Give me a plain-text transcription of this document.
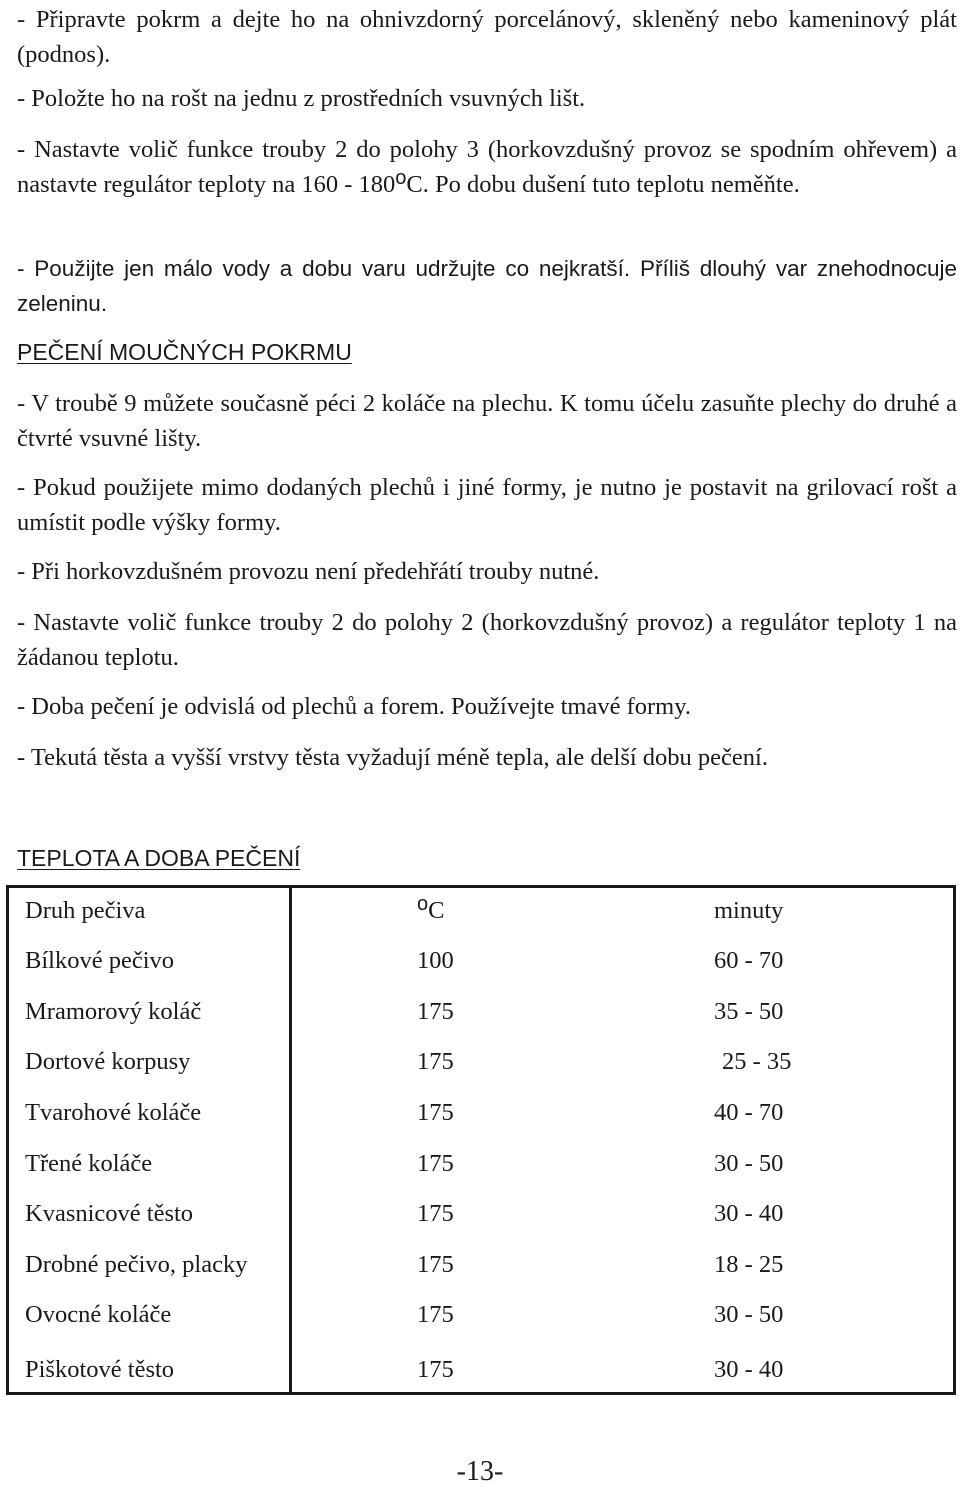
- Připravte pokrm a dejte ho na ohnivzdorný porcelánový, skleněný nebo kameninový plát (podnos).

- Položte ho na rošt na jednu z prostředních vsuvných lišt.

- Nastavte volič funkce trouby 2 do polohy 3 (horkovzdušný provoz se spodním ohřevem) a nastavte regulátor teploty na 160 - 180$^o$C. Po dobu dušení tuto teplotu neměňte.

- Použijte jen málo vody a dobu varu udržujte co nejkratší. Příliš dlouhý var znehodnocuje zeleninu.

PEČENÍ MOUČNÝCH POKRMU

- V troubě 9 můžete současně péci 2 koláče na plechu. K tomu účelu zasuňte plechy do druhé a čtvrté vsuvné lišty.

- Pokud použijete mimo dodaných plechů i jiné formy, je nutno je postavit na grilovací rošt a umístit podle výšky formy.

- Při horkovzdušném provozu není předehřátí trouby nutné.

- Nastavte volič funkce trouby 2 do polohy 2 (horkovzdušný provoz) a regulátor teploty 1 na žádanou teplotu.

- Doba pečení je odvislá od plechů a forem. Používejte tmavé formy.

- Tekutá těsta a vyšší vrstvy těsta vyžadují méně tepla, ale delší dobu pečení.

TEPLOTA A DOBA PEČENÍ
Druh pečiva	$^o$C	minuty
Bílkové pečivo	100	60 - 70
Mramorový koláč	175	35 - 50
Dortové korpusy	175	25 - 35
Tvarohové koláče	175	40 - 70
Třené koláče	175	30 - 50
Kvasnicové těsto	175	30 - 40
Drobné pečivo, placky	175	18 - 25
Ovocné koláče	175	30 - 50
Piškotové těsto	175	30 - 40
-13-
